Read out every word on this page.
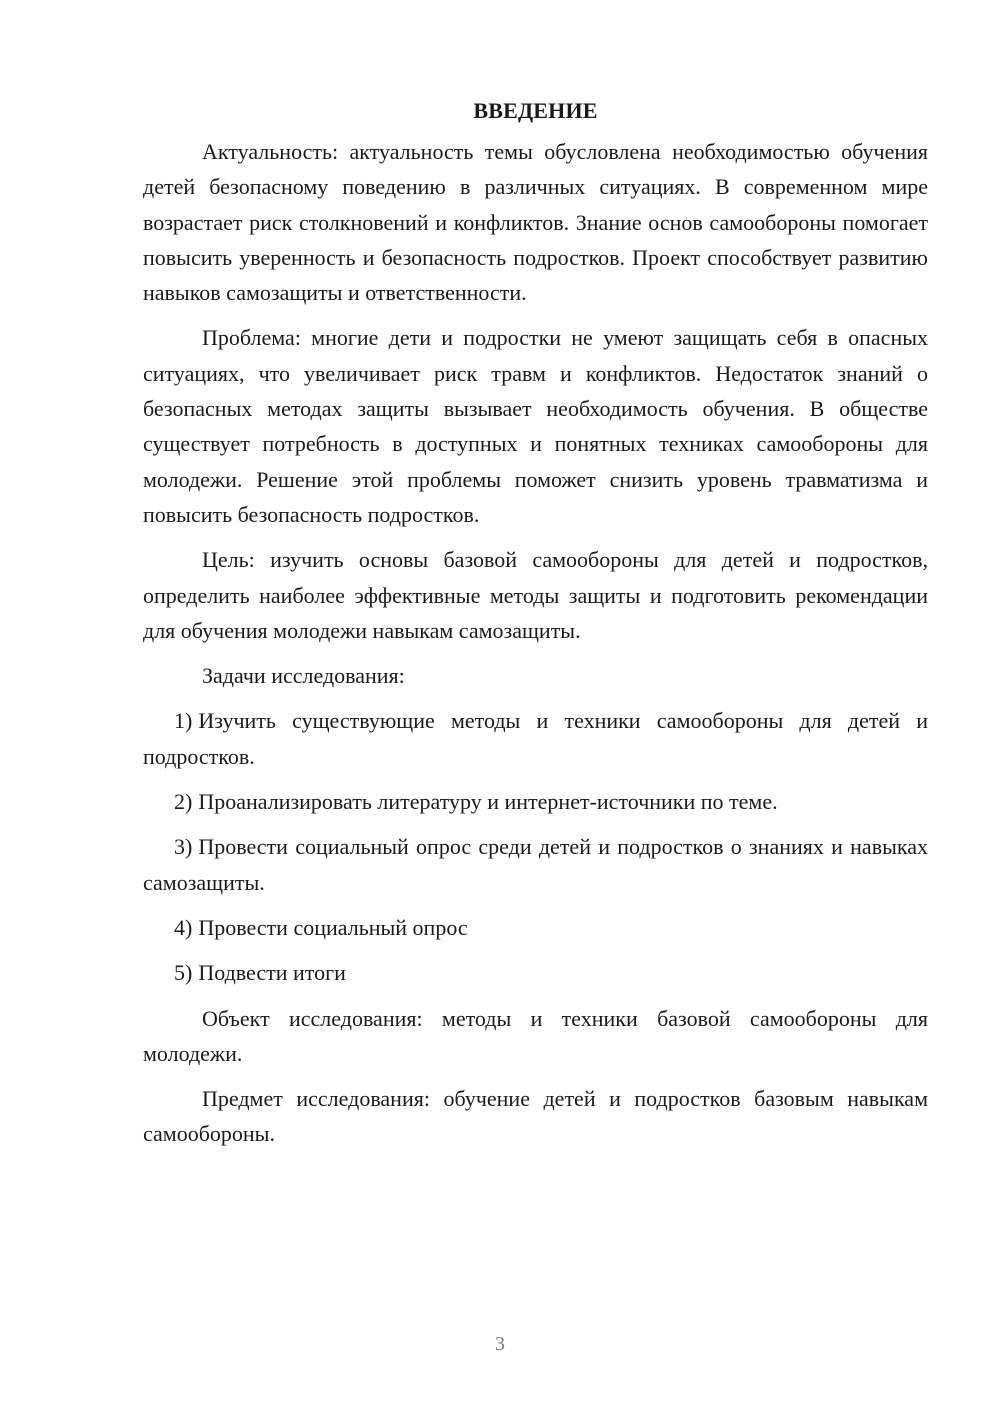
ВВЕДЕНИЕ

Актуальность: актуальность темы обусловлена необходимостью обучения детей безопасному поведению в различных ситуациях. В современном мире возрастает риск столкновений и конфликтов. Знание основ самообороны помогает повысить уверенность и безопасность подростков. Проект способствует развитию навыков самозащиты и ответственности.

Проблема: многие дети и подростки не умеют защищать себя в опасных ситуациях, что увеличивает риск травм и конфликтов. Недостаток знаний о безопасных методах защиты вызывает необходимость обучения. В обществе существует потребность в доступных и понятных техниках самообороны для молодежи. Решение этой проблемы поможет снизить уровень травматизма и повысить безопасность подростков.

Цель: изучить основы базовой самообороны для детей и подростков, определить наиболее эффективные методы защиты и подготовить рекомендации для обучения молодежи навыкам самозащиты.

Задачи исследования:

1) Изучить существующие методы и техники самообороны для детей и подростков.

2) Проанализировать литературу и интернет-источники по теме.

3) Провести социальный опрос среди детей и подростков о знаниях и навыках самозащиты.

4) Провести социальный опрос

5) Подвести итоги

Объект исследования: методы и техники базовой самообороны для молодежи.

Предмет исследования: обучение детей и подростков базовым навыкам самообороны.

3
